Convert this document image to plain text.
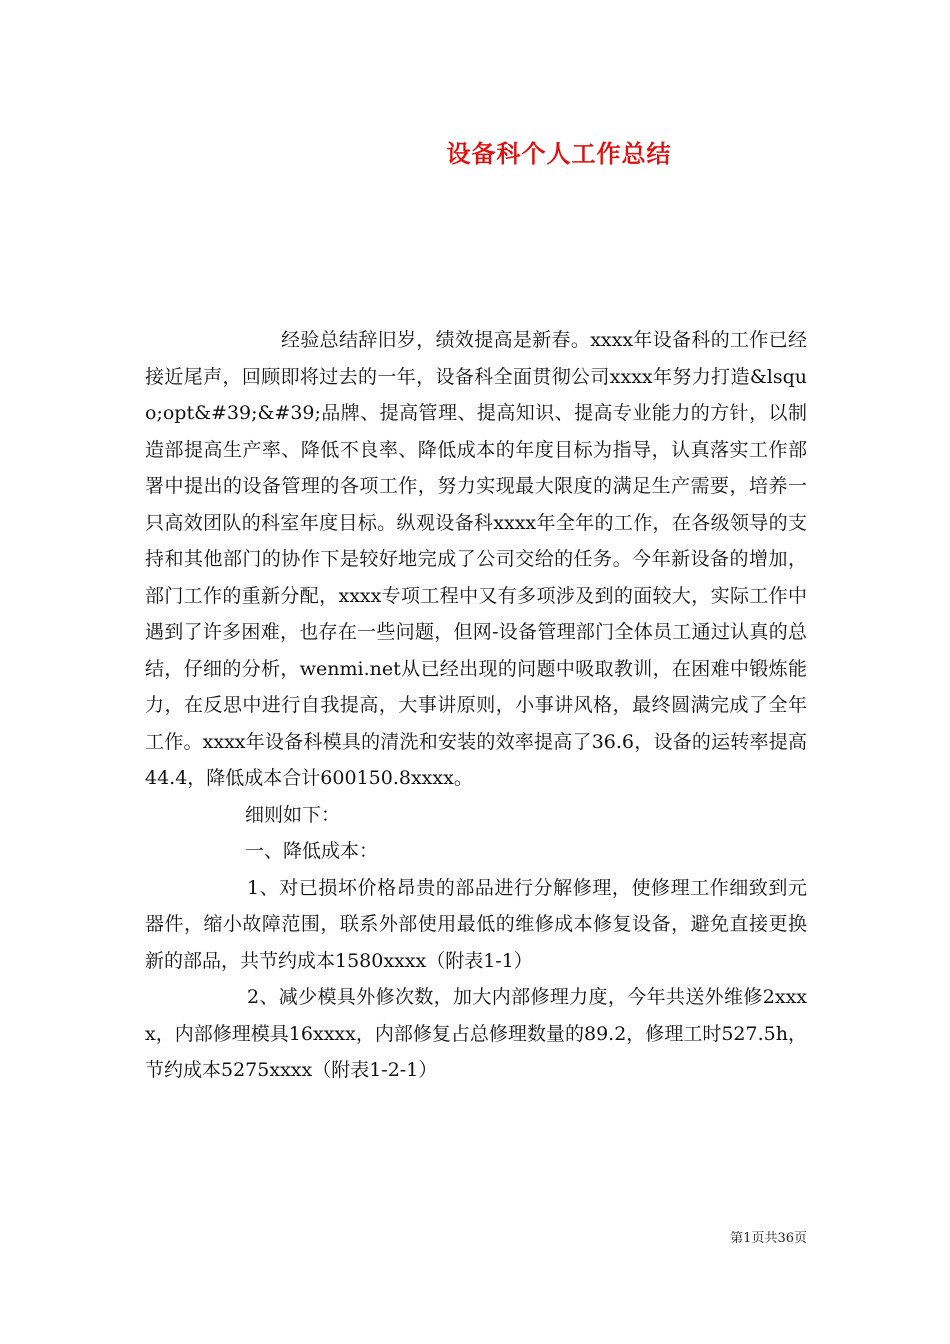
设备科个人工作总结

经验总结辞旧岁，绩效提高是新春。xxxx年设备科的工作已经接近尾声，回顾即将过去的一年，设备科全面贯彻公司xxxx年努力打造&lsquo;opt&#39;&#39;品牌、提高管理、提高知识、提高专业能力的方针，以制造部提高生产率、降低不良率、降低成本的年度目标为指导，认真落实工作部署中提出的设备管理的各项工作，努力实现最大限度的满足生产需要，培养一只高效团队的科室年度目标。纵观设备科xxxx年全年的工作，在各级领导的支持和其他部门的协作下是较好地完成了公司交给的任务。今年新设备的增加，部门工作的重新分配，xxxx专项工程中又有多项涉及到的面较大，实际工作中遇到了许多困难，也存在一些问题，但网-设备管理部门全体员工通过认真的总结，仔细的分析，wenmi.net从已经出现的问题中吸取教训，在困难中锻炼能力，在反思中进行自我提高，大事讲原则，小事讲风格，最终圆满完成了全年工作。xxxx年设备科模具的清洗和安装的效率提高了36.6，设备的运转率提高44.4，降低成本合计600150.8xxxx。

细则如下：

一、降低成本：

1、对已损坏价格昂贵的部品进行分解修理，使修理工作细致到元器件，缩小故障范围，联系外部使用最低的维修成本修复设备，避免直接更换新的部品，共节约成本1580xxxx（附表1-1）

2、减少模具外修次数，加大内部修理力度，今年共送外维修2xxxx，内部修理模具16xxxx，内部修复占总修理数量的89.2，修理工时527.5h，节约成本5275xxxx（附表1-2-1）

第1页共36页
